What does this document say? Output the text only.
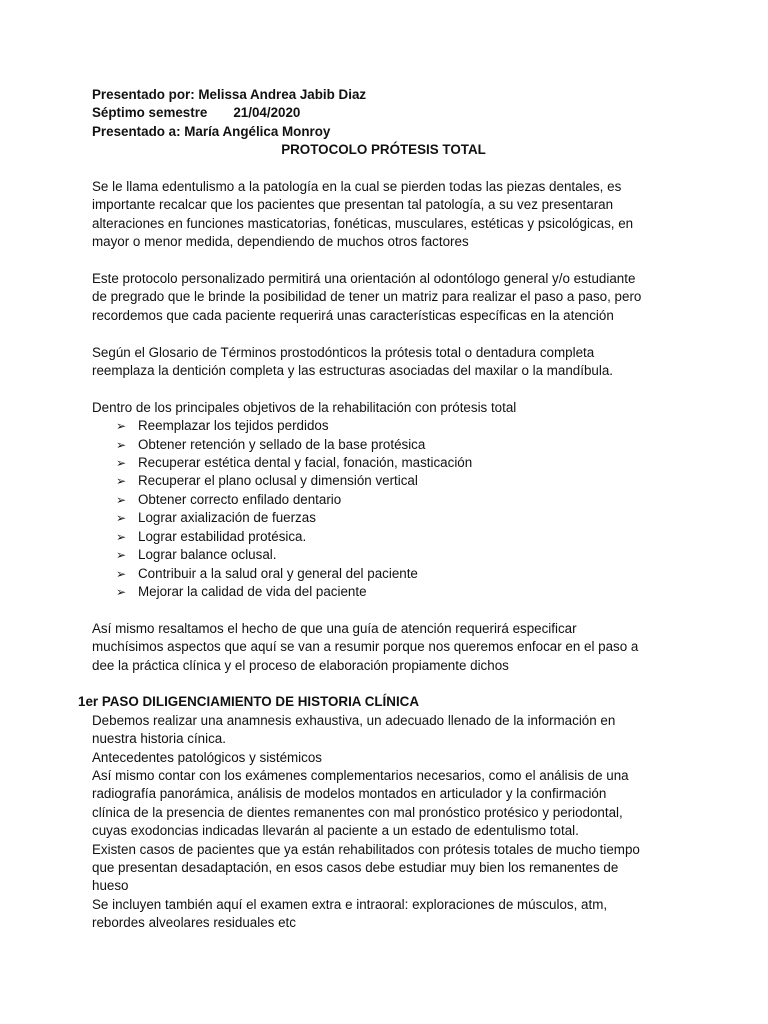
Presentado por: Melissa Andrea Jabib Diaz
Séptimo semestre 21/04/2020
Presentado a: María Angélica Monroy
PROTOCOLO PRÓTESIS TOTAL
Se le llama edentulismo a la patología en la cual se pierden todas las piezas dentales, es
importante recalcar que los pacientes que presentan tal patología, a su vez presentaran
alteraciones en funciones masticatorias, fonéticas, musculares, estéticas y psicológicas, en
mayor o menor medida, dependiendo de muchos otros factores
Este protocolo personalizado permitirá una orientación al odontólogo general y/o estudiante
de pregrado que le brinde la posibilidad de tener un matriz para realizar el paso a paso, pero
recordemos que cada paciente requerirá unas características específicas en la atención
Según el Glosario de Términos prostodónticos la prótesis total o dentadura completa
reemplaza la dentición completa y las estructuras asociadas del maxilar o la mandíbula.
Dentro de los principales objetivos de la rehabilitación con prótesis total
➢ Reemplazar los tejidos perdidos
➢ Obtener retención y sellado de la base protésica
➢ Recuperar estética dental y facial, fonación, masticación
➢ Recuperar el plano oclusal y dimensión vertical
➢ Obtener correcto enfilado dentario
➢ Lograr axialización de fuerzas
➢ Lograr estabilidad protésica.
➢ Lograr balance oclusal.
➢ Contribuir a la salud oral y general del paciente
➢ Mejorar la calidad de vida del paciente
Así mismo resaltamos el hecho de que una guía de atención requerirá especificar
muchísimos aspectos que aquí se van a resumir porque nos queremos enfocar en el paso a
dee la práctica clínica y el proceso de elaboración propiamente dichos
1er PASO DILIGENCIAMIENTO DE HISTORIA CLÍNICA
Debemos realizar una anamnesis exhaustiva, un adecuado llenado de la información en
nuestra historia cínica.
Antecedentes patológicos y sistémicos
Así mismo contar con los exámenes complementarios necesarios, como el análisis de una
radiografía panorámica, análisis de modelos montados en articulador y la confirmación
clínica de la presencia de dientes remanentes con mal pronóstico protésico y periodontal,
cuyas exodoncias indicadas llevarán al paciente a un estado de edentulismo total.
Existen casos de pacientes que ya están rehabilitados con prótesis totales de mucho tiempo
que presentan desadaptación, en esos casos debe estudiar muy bien los remanentes de
hueso
Se incluyen también aquí el examen extra e intraoral: exploraciones de músculos, atm,
rebordes alveolares residuales etc
